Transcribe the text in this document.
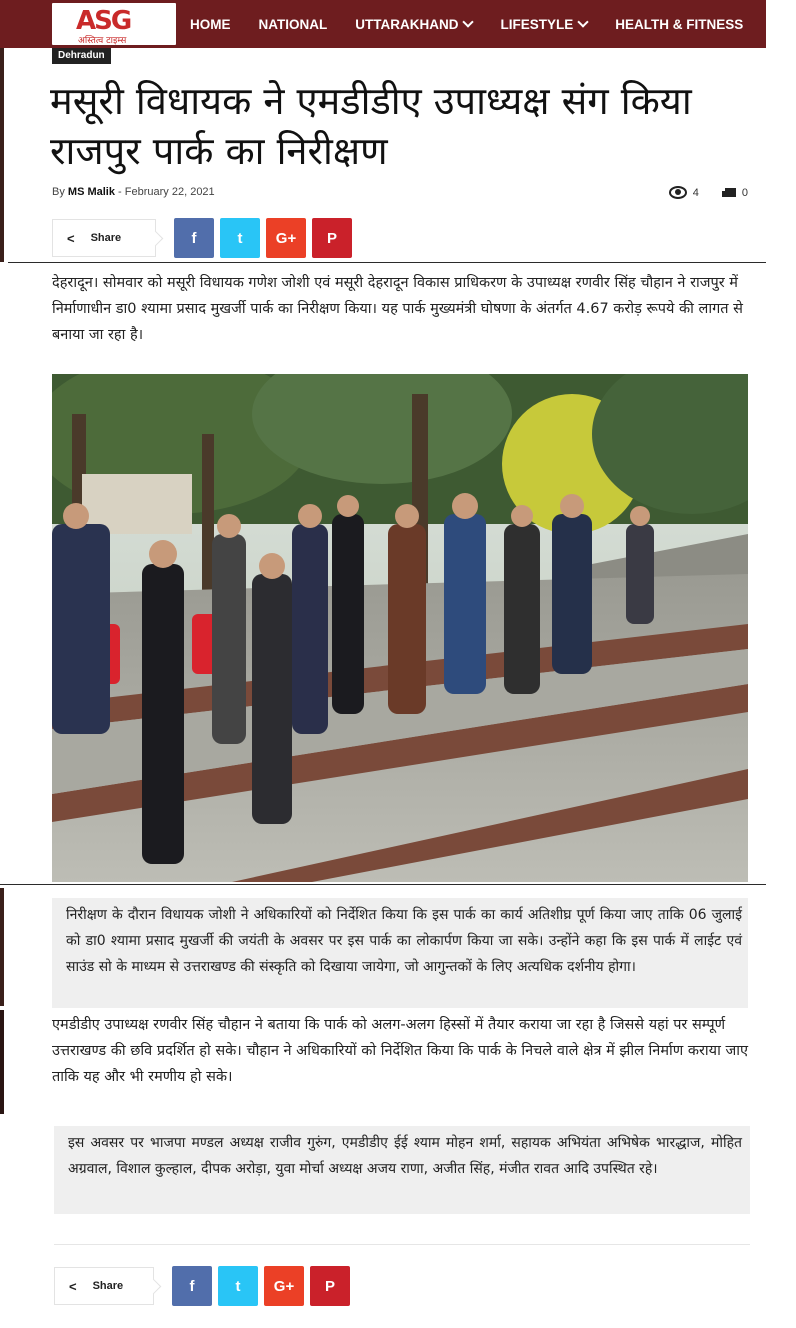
ASG
अस्तित्व टाइम्स
HOME NATIONAL UTTARAKHAND	LIFESTYLE	HEALTH & FITNESS
Dehradun
मसूरी विधायक ने एमडीडीए उपाध्यक्ष संग किया राजपुर पार्क का निरीक्षण
By MS Malik - February 22, 2021	4	0
< Share	f	t G+ P

देहरादून। सोमवार को मसूरी विधायक गणेश जोशी एवं मसूरी देहरादून विकास प्राधिकरण के उपाध्यक्ष रणवीर सिंह चौहान ने राजपुर में निर्माणाधीन डा0 श्यामा प्रसाद मुखर्जी पार्क का निरीक्षण किया। यह पार्क मुख्यमंत्री घोषणा के अंतर्गत 4.67 करोड़ रूपये की लागत से बनाया जा रहा है।

निरीक्षण के दौरान विधायक जोशी ने अधिकारियों को निर्देशित किया कि इस पार्क का कार्य अतिशीघ्र पूर्ण किया जाए ताकि 06 जुलाई को डा0 श्यामा प्रसाद मुखर्जी की जयंती के अवसर पर इस पार्क का लोकार्पण किया जा सके। उन्होंने कहा कि इस पार्क में लाईट एवं साउंड सो के माध्यम से उत्तराखण्ड की संस्कृति को दिखाया जायेगा, जो आगुन्तकों के लिए अत्यधिक दर्शनीय होगा।

एमडीडीए उपाध्यक्ष रणवीर सिंह चौहान ने बताया कि पार्क को अलग-अलग हिस्सों में तैयार कराया जा रहा है जिससे यहां पर सम्पूर्ण उत्तराखण्ड की छवि प्रदर्शित हो सके। चौहान ने अधिकारियों को निर्देशित किया कि पार्क के निचले वाले क्षेत्र में झील निर्माण कराया जाए ताकि यह और भी रमणीय हो सके।

इस अवसर पर भाजपा मण्डल अध्यक्ष राजीव गुरुंग, एमडीडीए ईई श्याम मोहन शर्मा, सहायक अभियंता अभिषेक भारद्धाज, मोहित अग्रवाल, विशाल कुल्हाल, दीपक अरोड़ा, युवा मोर्चा अध्यक्ष अजय राणा, अजीत सिंह, मंजीत रावत आदि उपस्थित रहे।
< Share	f	t G+ P
